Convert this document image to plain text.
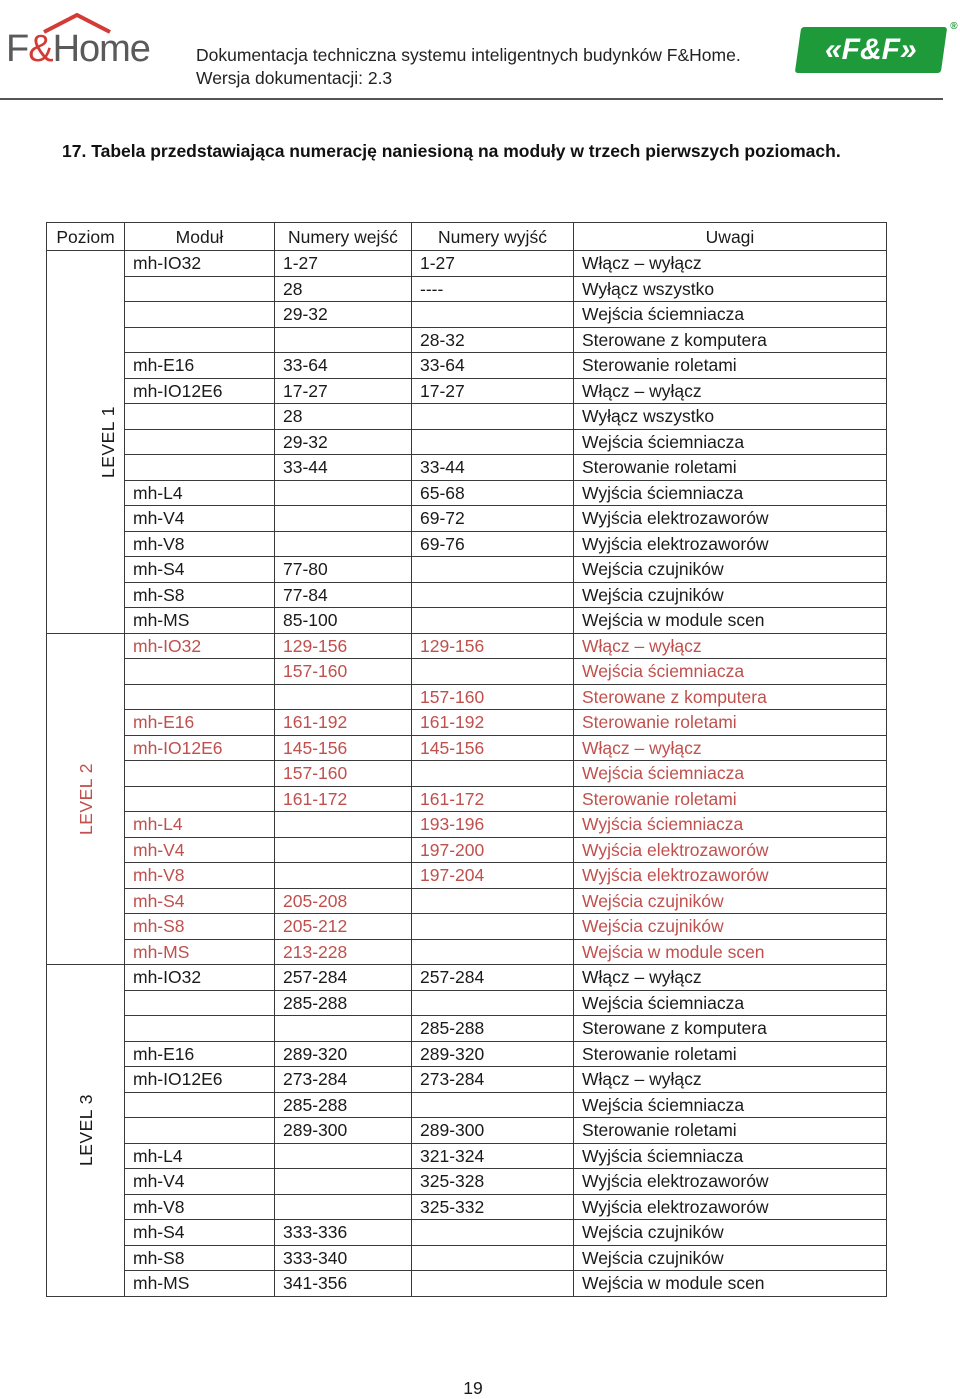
F&Home	Dokumentacja techniczna systemu inteligentnych budynków F&Home.
Wersja dokumentacji: 2.3
«F&F»
®
17. Tabela przedstawiająca numerację naniesioną na moduły w trzech pierwszych poziomach.
Poziom	Moduł	Numery wejść	Numery wyjść	Uwagi

LEVEL 1	mh-IO32	1-27	1-27	Włącz – wyłącz
		28	----	Wyłącz wszystko
		29-32		Wejścia ściemniacza
			28-32	Sterowane z komputera
	mh-E16	33-64	33-64	Sterowanie roletami
	mh-IO12E6	17-27	17-27	Włącz – wyłącz
		28		Wyłącz wszystko
		29-32		Wejścia ściemniacza
		33-44	33-44	Sterowanie roletami
	mh-L4		65-68	Wyjścia ściemniacza
	mh-V4		69-72	Wyjścia elektrozaworów
	mh-V8		69-76	Wyjścia elektrozaworów
	mh-S4	77-80		Wejścia czujników
	mh-S8	77-84		Wejścia czujników
	mh-MS	85-100		Wejścia w module scen

LEVEL 2	mh-IO32	129-156	129-156	Włącz – wyłącz
		157-160		Wejścia ściemniacza
			157-160	Sterowane z komputera
	mh-E16	161-192	161-192	Sterowanie roletami
	mh-IO12E6	145-156	145-156	Włącz – wyłącz
		157-160		Wejścia ściemniacza
		161-172	161-172	Sterowanie roletami
	mh-L4		193-196	Wyjścia ściemniacza
	mh-V4		197-200	Wyjścia elektrozaworów
	mh-V8		197-204	Wyjścia elektrozaworów
	mh-S4	205-208		Wejścia czujników
	mh-S8	205-212		Wejścia czujników
	mh-MS	213-228		Wejścia w module scen

LEVEL 3	mh-IO32	257-284	257-284	Włącz – wyłącz
		285-288		Wejścia ściemniacza
			285-288	Sterowane z komputera
	mh-E16	289-320	289-320	Sterowanie roletami
	mh-IO12E6	273-284	273-284	Włącz – wyłącz
		285-288		Wejścia ściemniacza
		289-300	289-300	Sterowanie roletami
	mh-L4		321-324	Wyjścia ściemniacza
	mh-V4		325-328	Wyjścia elektrozaworów
	mh-V8		325-332	Wyjścia elektrozaworów
	mh-S4	333-336		Wejścia czujników
	mh-S8	333-340		Wejścia czujników
	mh-MS	341-356		Wejścia w module scen
19
